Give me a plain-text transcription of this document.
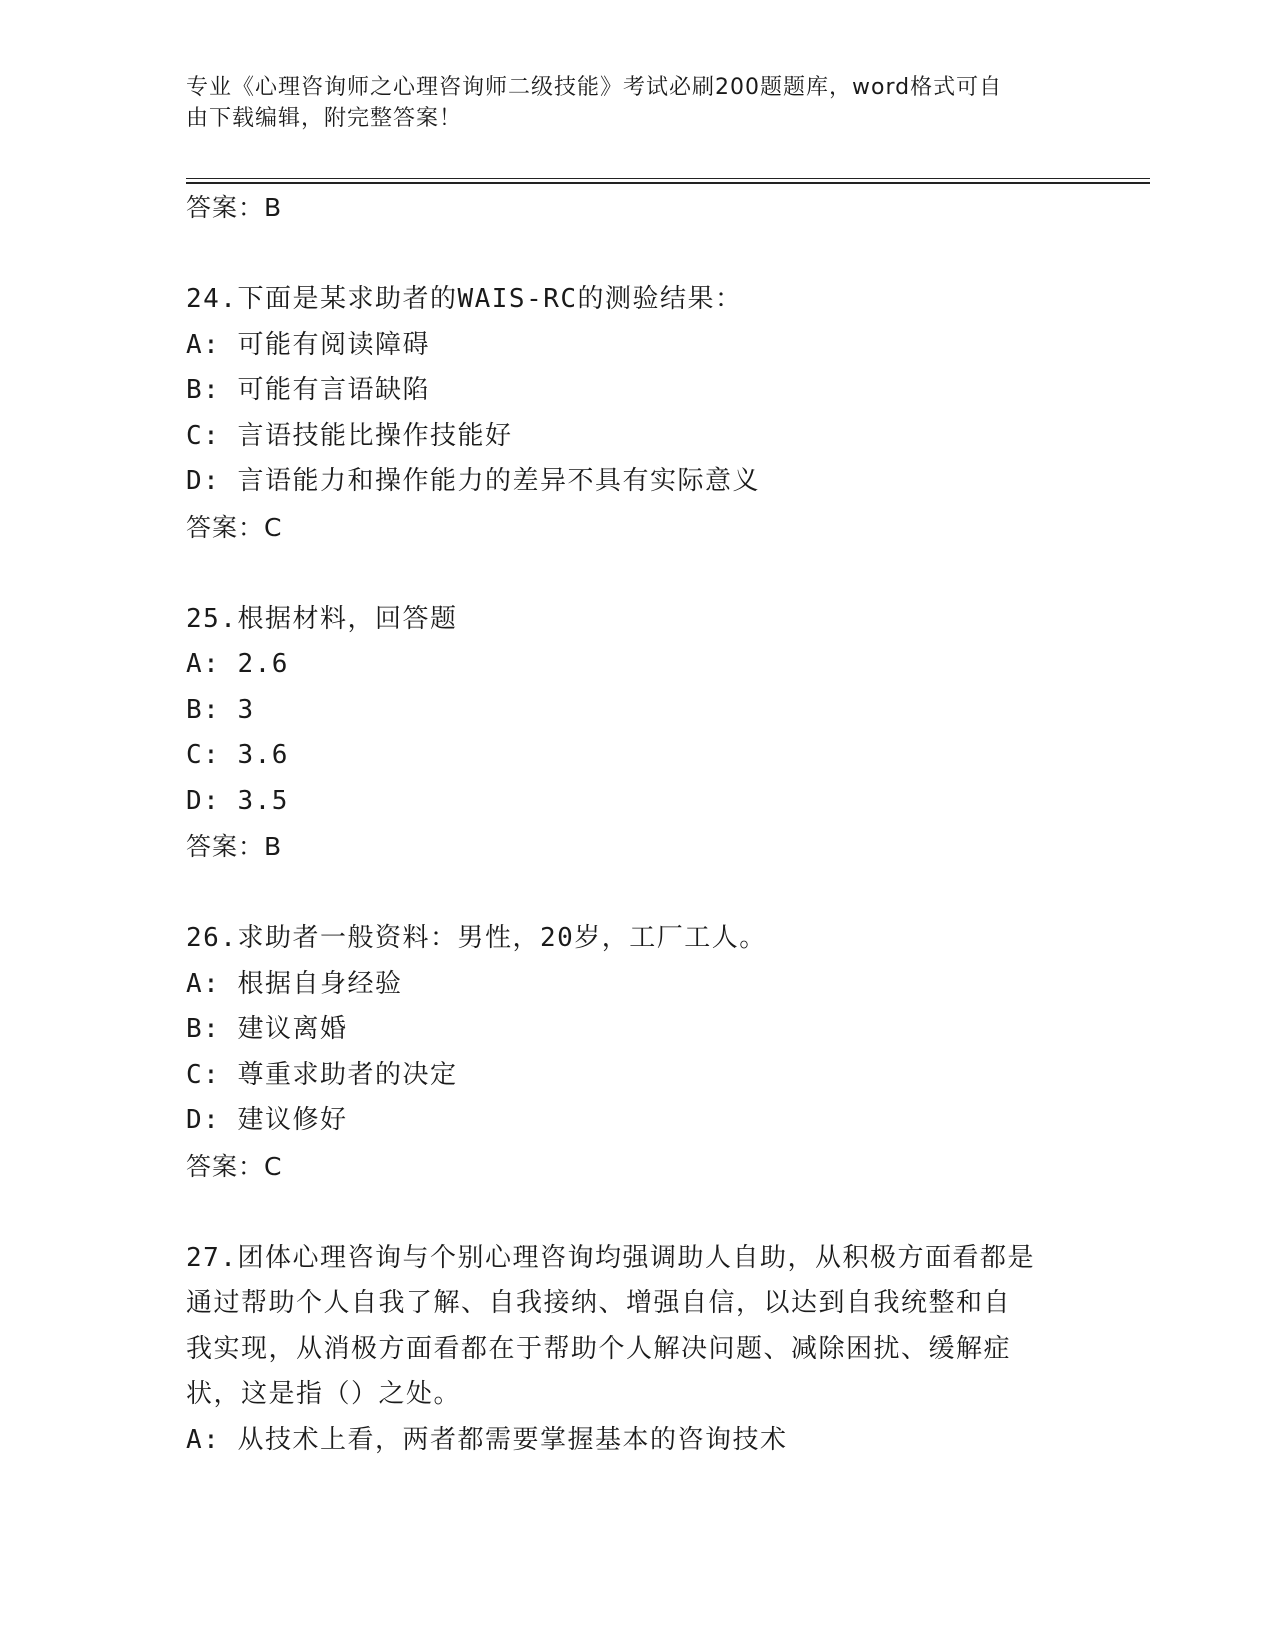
专业《心理咨询师之心理咨询师二级技能》考试必刷200题题库，word格式可自
由下载编辑，附完整答案！
答案：B
24.下面是某求助者的WAIS-RC的测验结果：
A: 可能有阅读障碍
B: 可能有言语缺陷
C: 言语技能比操作技能好
D: 言语能力和操作能力的差异不具有实际意义
答案：C
25.根据材料，回答题
A: 2.6
B: 3
C: 3.6
D: 3.5
答案：B
26.求助者一般资料：男性，20岁，工厂工人。
A: 根据自身经验
B: 建议离婚
C: 尊重求助者的决定
D: 建议修好
答案：C
27.团体心理咨询与个别心理咨询均强调助人自助，从积极方面看都是
通过帮助个人自我了解、自我接纳、增强自信，以达到自我统整和自
我实现，从消极方面看都在于帮助个人解决问题、减除困扰、缓解症
状，这是指（）之处。
A: 从技术上看，两者都需要掌握基本的咨询技术
